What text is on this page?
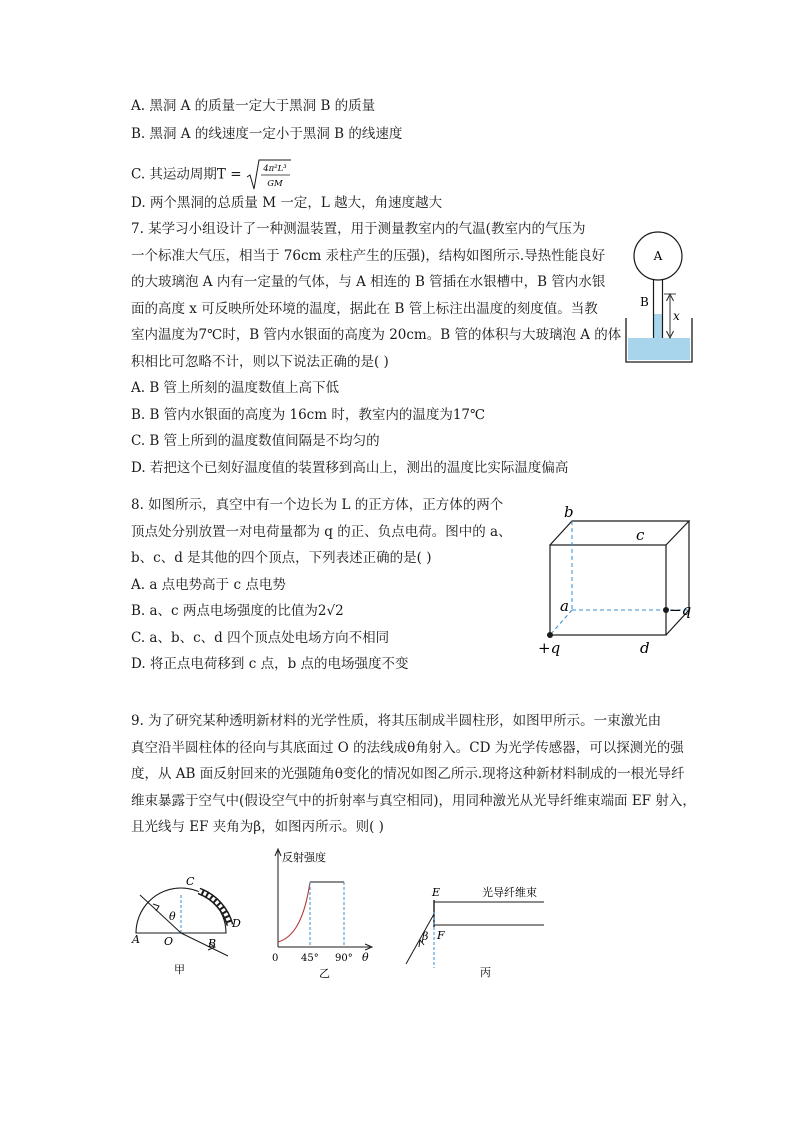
A. 黑洞 A 的质量一定大于黑洞 B 的质量
B. 黑洞 A 的线速度一定小于黑洞 B 的线速度
C. 其运动周期T =	4π²L³
GM
D. 两个黑洞的总质量 M 一定，L 越大，角速度越大
7. 某学习小组设计了一种测温装置，用于测量教室内的气温(教室内的气压为
一个标准大气压，相当于 76cm 汞柱产生的压强)，结构如图所示.导热性能良好
的大玻璃泡 A 内有一定量的气体，与 A 相连的 B 管插在水银槽中，B 管内水银
面的高度 x 可反映所处环境的温度，据此在 B 管上标注出温度的刻度值。当教
室内温度为7℃时，B 管内水银面的高度为 20cm。B 管的体积与大玻璃泡 A 的体
积相比可忽略不计，则以下说法正确的是( )
A. B 管上所刻的温度数值上高下低
B. B 管内水银面的高度为 16cm 时，教室内的温度为17℃
C. B 管上所到的温度数值间隔是不均匀的
D. 若把这个已刻好温度值的装置移到高山上，测出的温度比实际温度偏高
A
B
x
8. 如图所示，真空中有一个边长为 L 的正方体，正方体的两个
顶点处分别放置一对电荷量都为 q 的正、负点电荷。图中的 a、
b、c、d 是其他的四个顶点，下列表述正确的是( )
A. a 点电势高于 c 点电势
B. a、c 两点电场强度的比值为2√2
C. a、b、c、d 四个顶点处电场方向不相同
D. 将正点电荷移到 c 点，b 点的电场强度不变
b
c
a
d
+q
−q
9. 为了研究某种透明新材料的光学性质，将其压制成半圆柱形，如图甲所示。一束激光由
真空沿半圆柱体的径向与其底面过 O 的法线成θ角射入。CD 为光学传感器，可以探测光的强
度，从 AB 面反射回来的光强随角θ变化的情况如图乙所示.现将这种新材料制成的一根光导纤
维束暴露于空气中(假设空气中的折射率与真空相同)，用同种激光从光导纤维束端面 EF 射入，
且光线与 EF 夹角为β，如图丙所示。则( )
A	B
C
D
O
θ
甲
反射强度
0 45° 90° θ
乙
E
F
β
光导纤维束
丙
